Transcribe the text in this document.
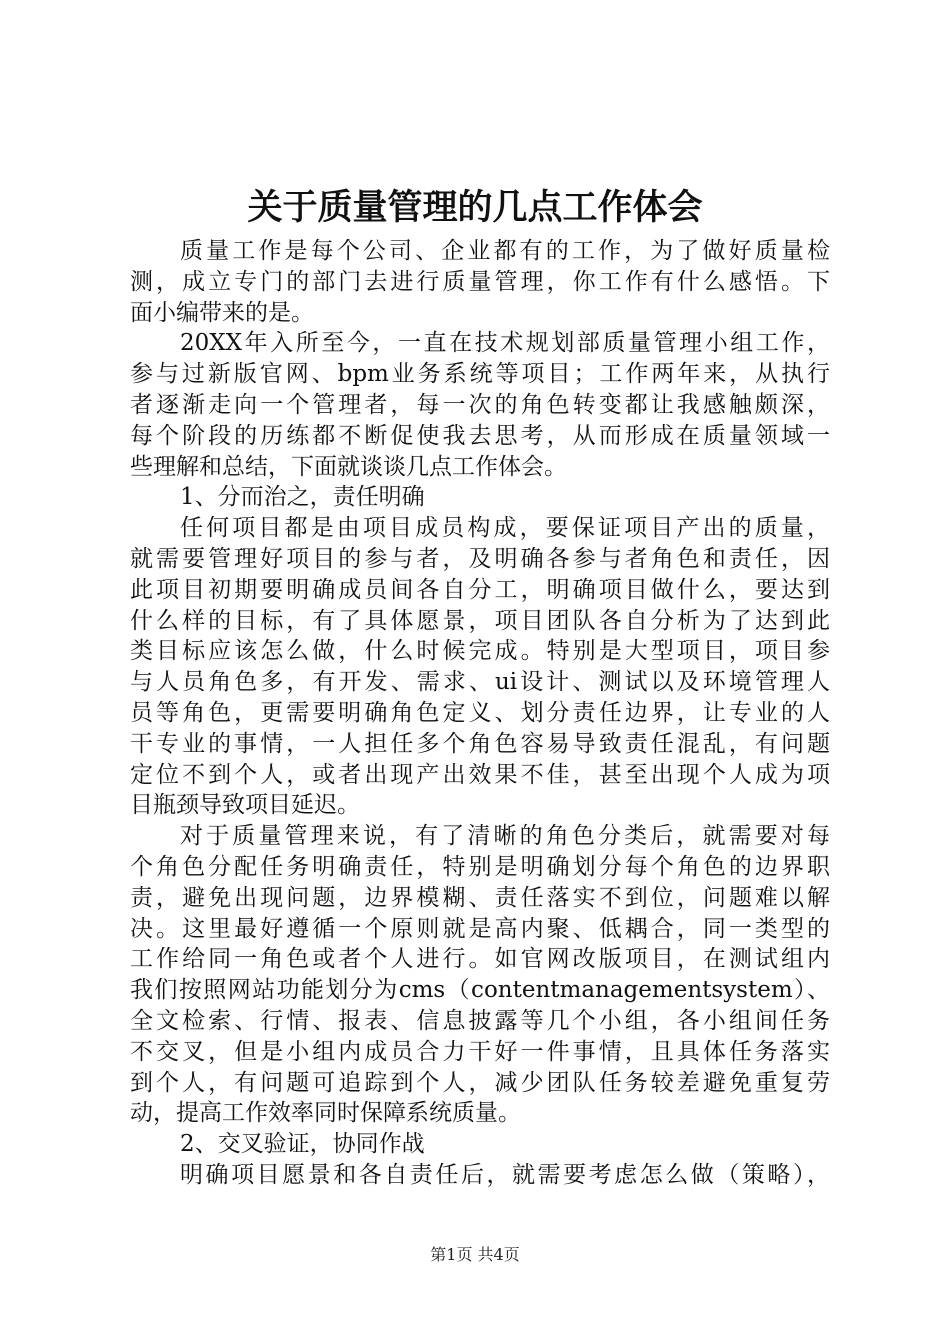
关于质量管理的几点工作体会
质量工作是每个公司、企业都有的工作，为了做好质量检
测，成立专门的部门去进行质量管理，你工作有什么感悟。下
面小编带来的是。
20XX年入所至今，一直在技术规划部质量管理小组工作，
参与过新版官网、bpm业务系统等项目；工作两年来，从执行
者逐渐走向一个管理者，每一次的角色转变都让我感触颇深，
每个阶段的历练都不断促使我去思考，从而形成在质量领域一
些理解和总结，下面就谈谈几点工作体会。
1、分而治之，责任明确
任何项目都是由项目成员构成，要保证项目产出的质量，
就需要管理好项目的参与者，及明确各参与者角色和责任，因
此项目初期要明确成员间各自分工，明确项目做什么，要达到
什么样的目标，有了具体愿景，项目团队各自分析为了达到此
类目标应该怎么做，什么时候完成。特别是大型项目，项目参
与人员角色多，有开发、需求、ui设计、测试以及环境管理人
员等角色，更需要明确角色定义、划分责任边界，让专业的人
干专业的事情，一人担任多个角色容易导致责任混乱，有问题
定位不到个人，或者出现产出效果不佳，甚至出现个人成为项
目瓶颈导致项目延迟。
对于质量管理来说，有了清晰的角色分类后，就需要对每
个角色分配任务明确责任，特别是明确划分每个角色的边界职
责，避免出现问题，边界模糊、责任落实不到位，问题难以解
决。这里最好遵循一个原则就是高内聚、低耦合，同一类型的
工作给同一角色或者个人进行。如官网改版项目，在测试组内
我们按照网站功能划分为cms（contentmanagementsystem）、
全文检索、行情、报表、信息披露等几个小组，各小组间任务
不交叉，但是小组内成员合力干好一件事情，且具体任务落实
到个人，有问题可追踪到个人，减少团队任务较差避免重复劳
动，提高工作效率同时保障系统质量。
2、交叉验证，协同作战
明确项目愿景和各自责任后，就需要考虑怎么做（策略），
第1页 共4页
